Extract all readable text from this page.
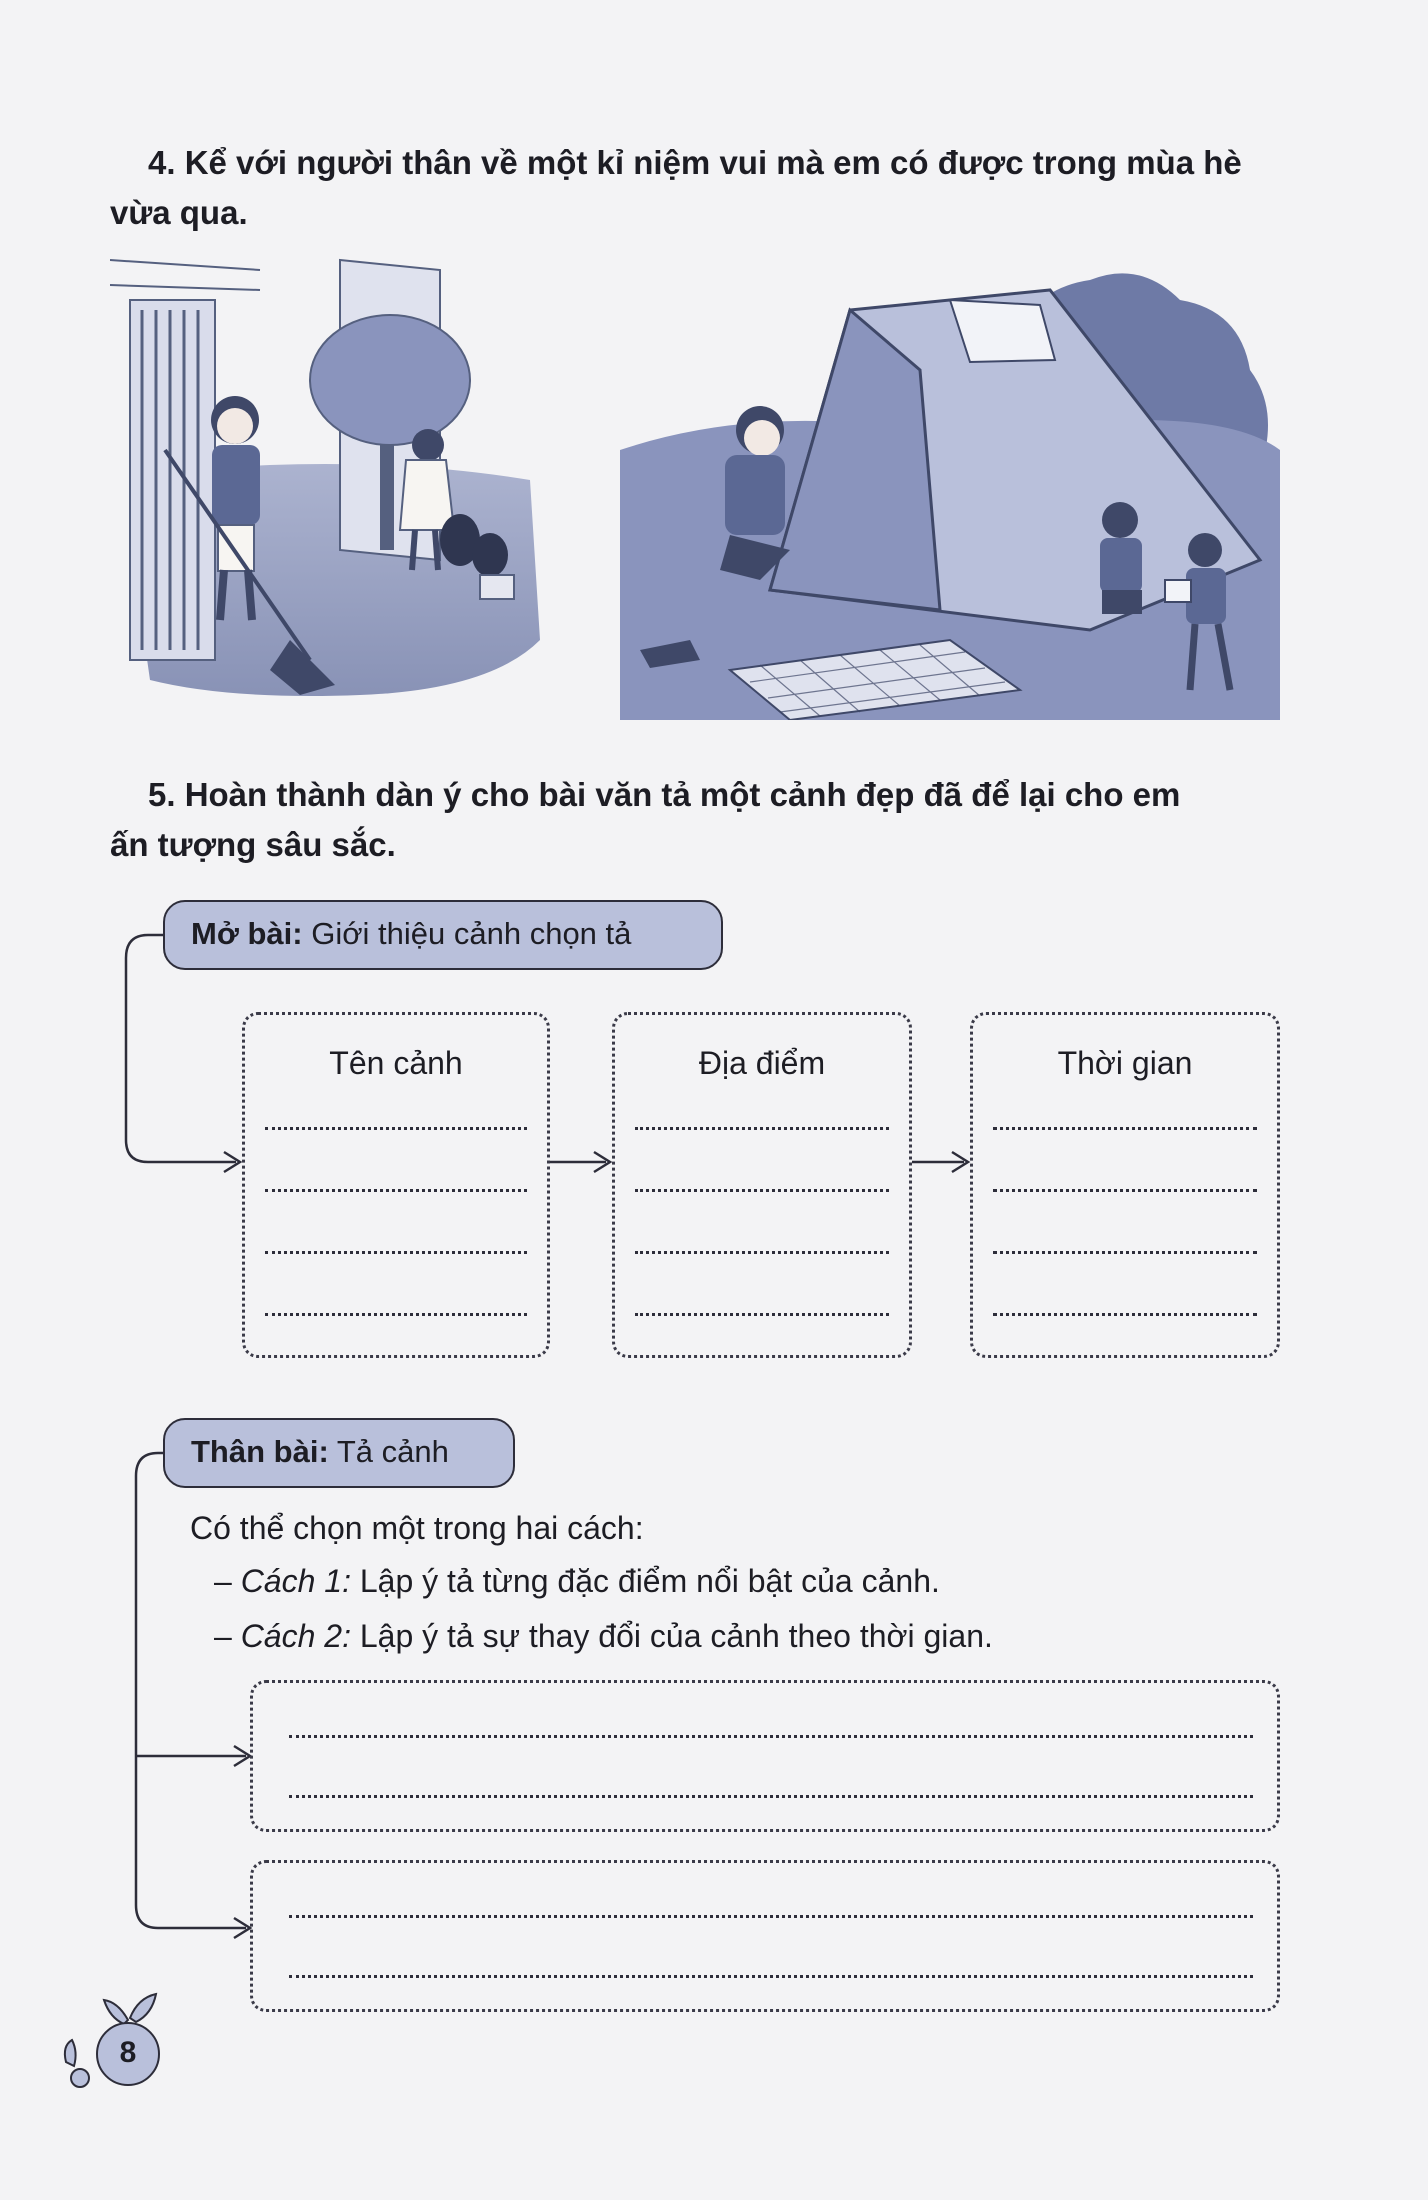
4. Kể với người thân về một kỉ niệm vui mà em có được trong mùa hè
vừa qua.
5. Hoàn thành dàn ý cho bài văn tả một cảnh đẹp đã để lại cho em
ấn tượng sâu sắc.
Mở bài: Giới thiệu cảnh chọn tả
Tên cảnh	Địa điểm	Thời gian
Thân bài: Tả cảnh
Có thể chọn một trong hai cách:
– Cách 1: Lập ý tả từng đặc điểm nổi bật của cảnh.
– Cách 2: Lập ý tả sự thay đổi của cảnh theo thời gian.
8
